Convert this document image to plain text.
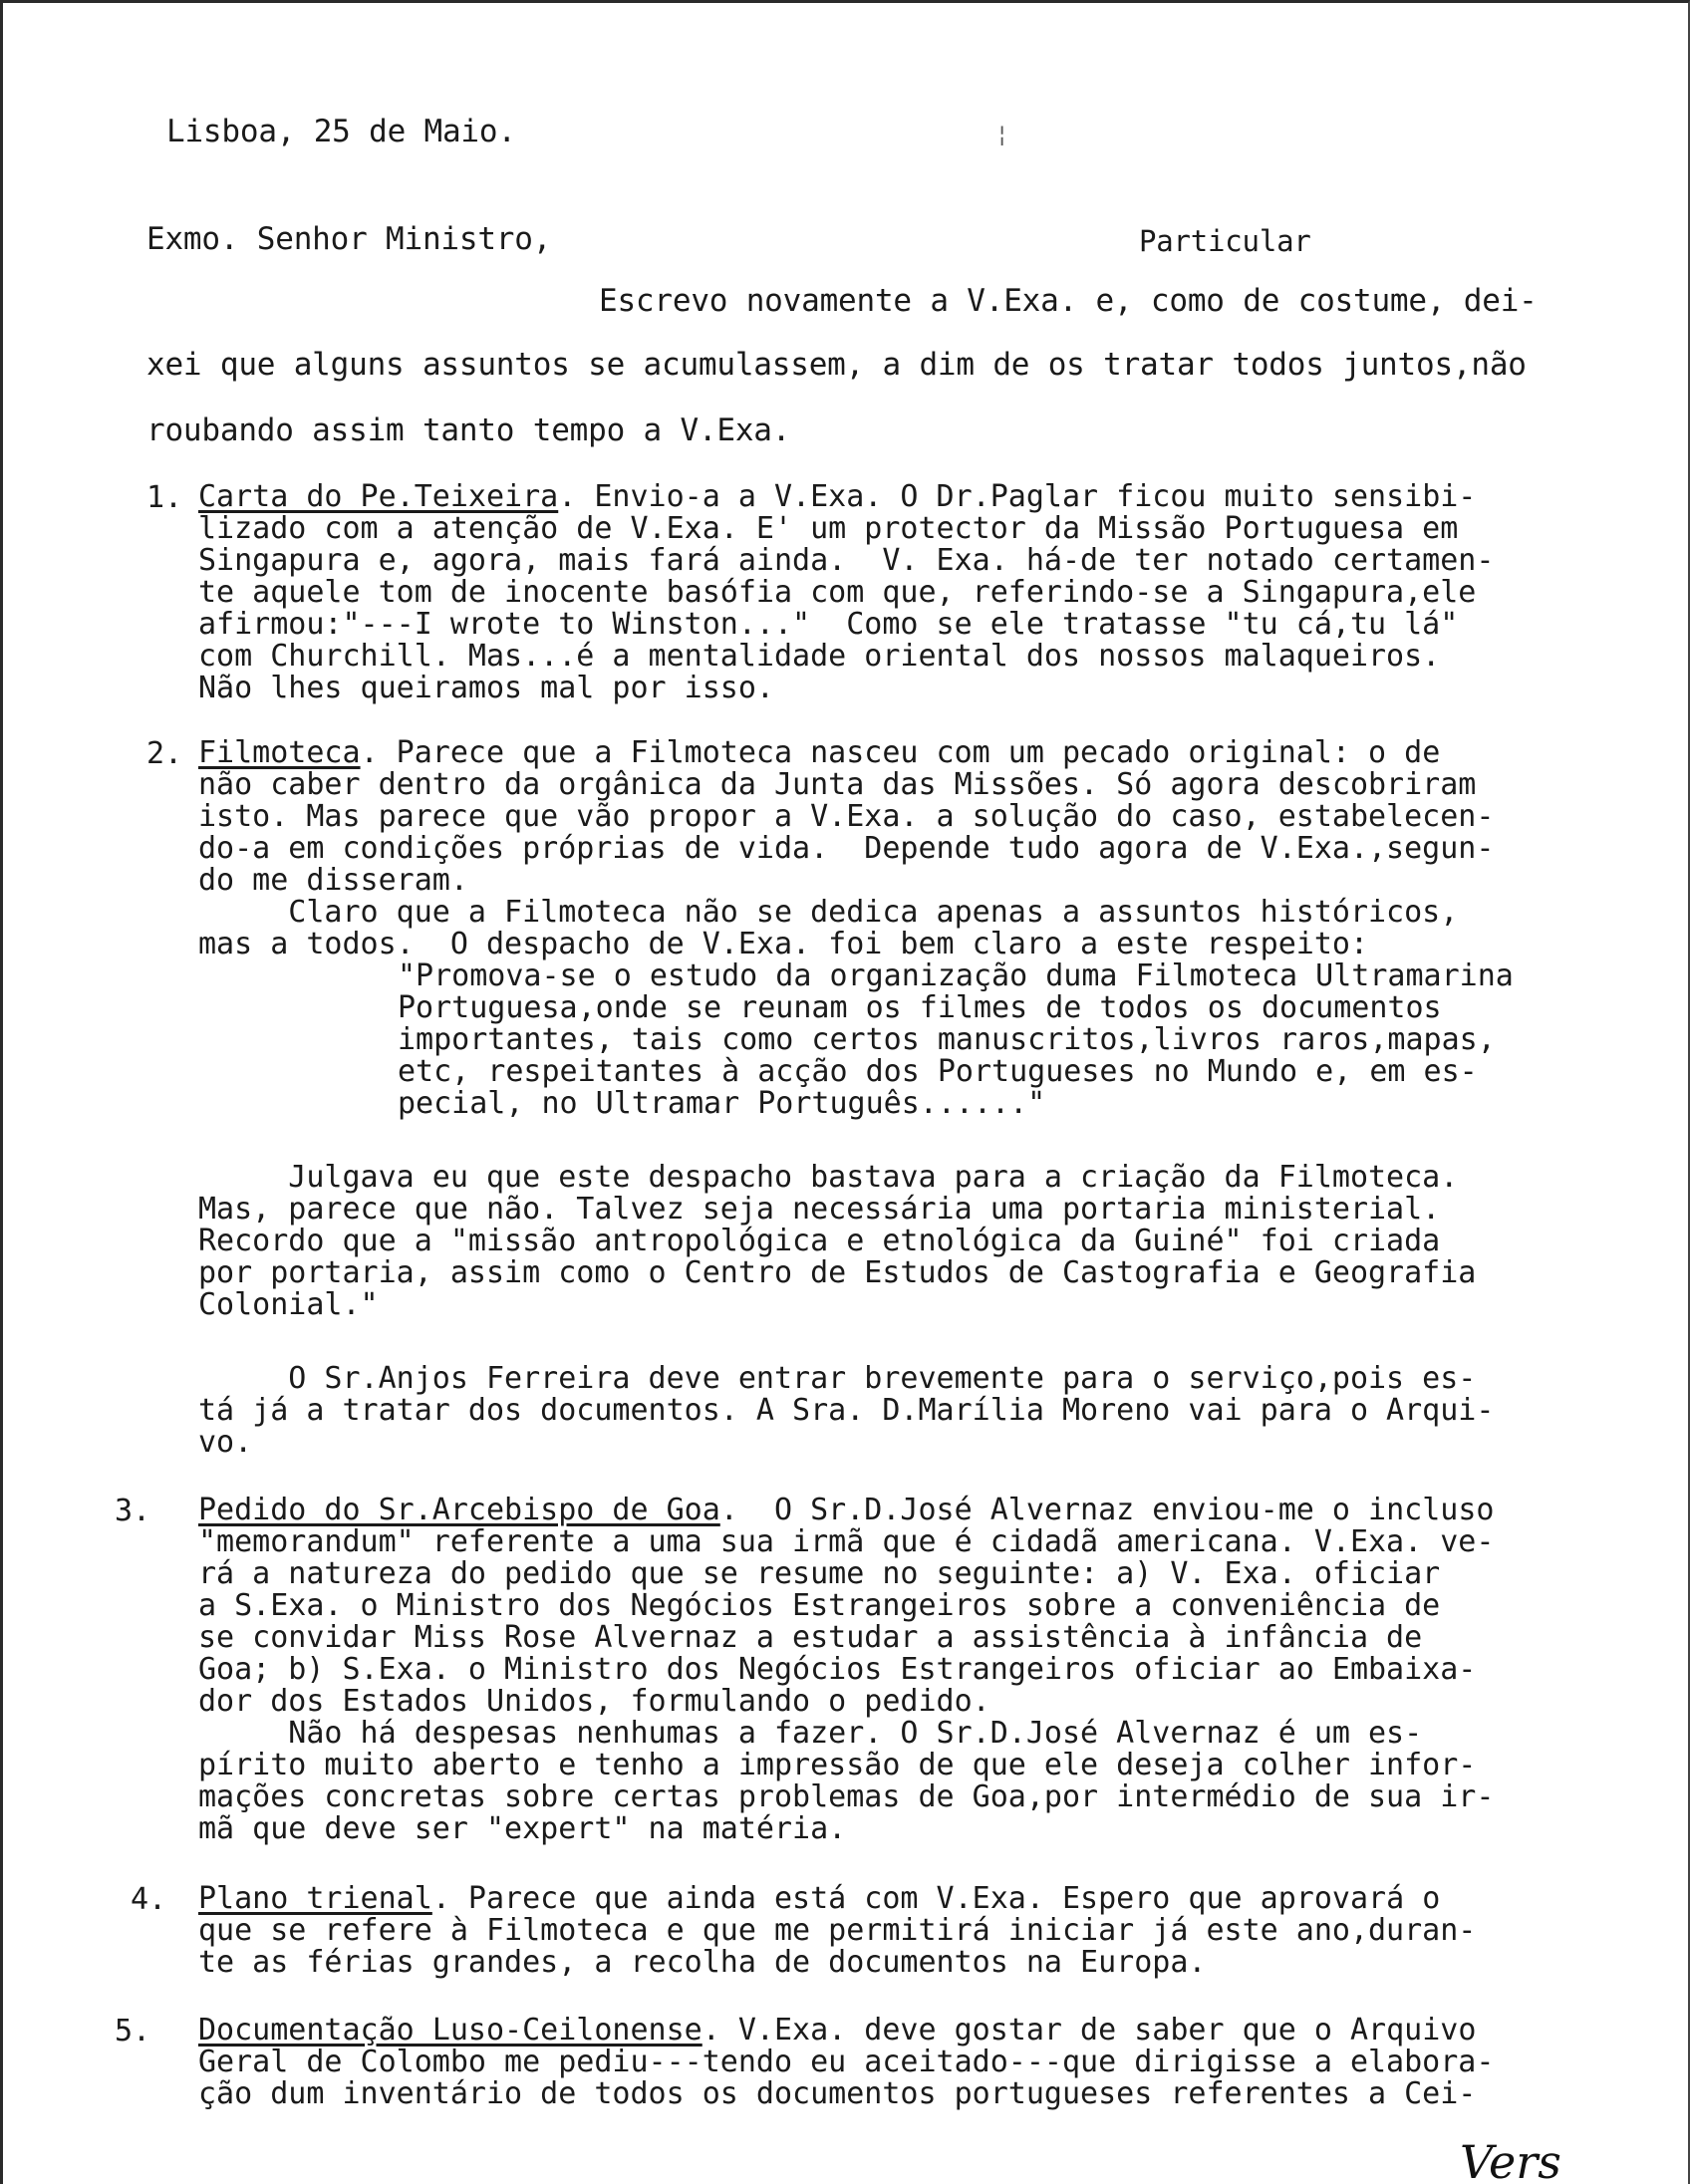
Lisboa, 25 de Maio.
Exmo. Senhor Ministro,	Particular
Escrevo novamente a V.Exa. e, como de costume, dei-
xei que alguns assuntos se acumulassem, a dim de os tratar todos juntos,não
roubando assim tanto tempo a V.Exa.
1. Carta do Pe.Teixeira. Envio-a a V.Exa. O Dr.Paglar ficou muito sensibi-
lizado com a atenção de V.Exa. E' um protector da Missão Portuguesa em
Singapura e, agora, mais fará ainda.  V. Exa. há-de ter notado certamen-
te aquele tom de inocente basófia com que, referindo-se a Singapura,ele
afirmou:"---I wrote to Winston..."  Como se ele tratasse "tu cá,tu lá"
com Churchill. Mas...é a mentalidade oriental dos nossos malaqueiros.
Não lhes queiramos mal por isso.
2. Filmoteca. Parece que a Filmoteca nasceu com um pecado original: o de
não caber dentro da orgânica da Junta das Missões. Só agora descobriram
isto. Mas parece que vão propor a V.Exa. a solução do caso, estabelecen-
do-a em condições próprias de vida.  Depende tudo agora de V.Exa.,segun-
do me disseram.
Claro que a Filmoteca não se dedica apenas a assuntos históricos,
mas a todos.  O despacho de V.Exa. foi bem claro a este respeito:
"Promova-se o estudo da organização duma Filmoteca Ultramarina
Portuguesa,onde se reunam os filmes de todos os documentos
importantes, tais como certos manuscritos,livros raros,mapas,
etc, respeitantes à acção dos Portugueses no Mundo e, em es-
pecial, no Ultramar Português......"
Julgava eu que este despacho bastava para a criação da Filmoteca.
Mas, parece que não. Talvez seja necessária uma portaria ministerial.
Recordo que a "missão antropológica e etnológica da Guiné" foi criada
por portaria, assim como o Centro de Estudos de Castografia e Geografia
Colonial."
O Sr.Anjos Ferreira deve entrar brevemente para o serviço,pois es-
tá já a tratar dos documentos. A Sra. D.Marília Moreno vai para o Arqui-
vo.
3. Pedido do Sr.Arcebispo de Goa.  O Sr.D.José Alvernaz enviou-me o incluso
"memorandum" referente a uma sua irmã que é cidadã americana. V.Exa. ve-
rá a natureza do pedido que se resume no seguinte: a) V. Exa. oficiar
a S.Exa. o Ministro dos Negócios Estrangeiros sobre a conveniência de
se convidar Miss Rose Alvernaz a estudar a assistência à infância de
Goa; b) S.Exa. o Ministro dos Negócios Estrangeiros oficiar ao Embaixa-
dor dos Estados Unidos, formulando o pedido.
Não há despesas nenhumas a fazer. O Sr.D.José Alvernaz é um es-
pírito muito aberto e tenho a impressão de que ele deseja colher infor-
mações concretas sobre certas problemas de Goa,por intermédio de sua ir-
mã que deve ser "expert" na matéria.
4. Plano trienal. Parece que ainda está com V.Exa. Espero que aprovará o
que se refere à Filmoteca e que me permitirá iniciar já este ano,duran-
te as férias grandes, a recolha de documentos na Europa.
5. Documentação Luso-Ceilonense. V.Exa. deve gostar de saber que o Arquivo
Geral de Colombo me pediu---tendo eu aceitado---que dirigisse a elabora-
ção dum inventário de todos os documentos portugueses referentes a Cei-
Vers
¦
